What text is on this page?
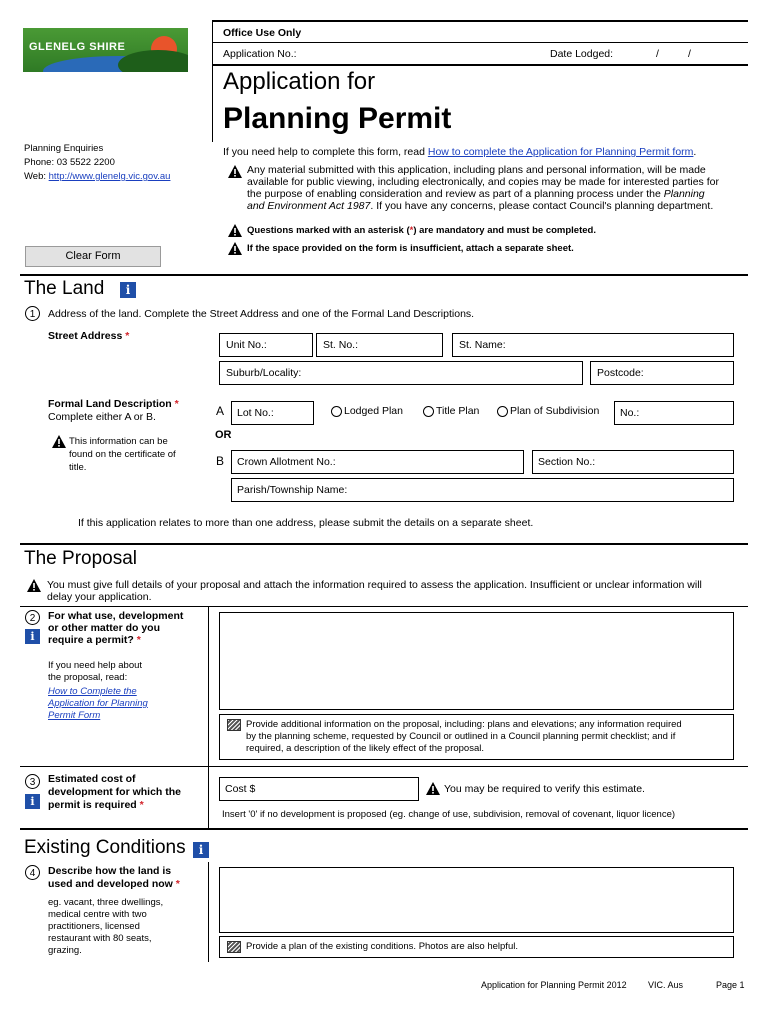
GLENELG SHIRE
Office Use Only
Application No.:	Date Lodged:	/	/
Application for
Planning Permit
Planning Enquiries
Phone: 03 5522 2200
Web: http://www.glenelg.vic.gov.au
If you need help to complete this form, read How to complete the Application for Planning Permit form.
Any material submitted with this application, including plans and personal information, will be made
available for public viewing, including electronically, and copies may be made for interested parties for
the purpose of enabling consideration and review as part of a planning process under the Planning
and Environment Act 1987. If you have any concerns, please contact Council's planning department.
Questions marked with an asterisk (*) are mandatory and must be completed.
If the space provided on the form is insufficient, attach a separate sheet.
Clear Form
The Land	i
1	Address of the land. Complete the Street Address and one of the Formal Land Descriptions.
Street Address *
Unit No.:	St. No.:	St. Name:
Suburb/Locality:	Postcode:
Formal Land Description *
Complete either A or B.
This information can be
found on the certificate of
title.
A Lot No.:	Lodged Plan	Title Plan	Plan of Subdivision No.:
OR
B Crown Allotment No.:	Section No.:
Parish/Township Name:
If this application relates to more than one address, please submit the details on a separate sheet.
The Proposal
You must give full details of your proposal and attach the information required to assess the application. Insufficient or unclear information will
delay your application.
2
i
For what use, development
or other matter do you
require a permit? *
If you need help about
the proposal, read:
How to Complete the
Application for Planning
Permit Form
Provide additional information on the proposal, including: plans and elevations; any information required
by the planning scheme, requested by Council or outlined in a Council planning permit checklist; and if
required, a description of the likely effect of the proposal.
3
i
Estimated cost of
development for which the
permit is required *
Cost $	You may be required to verify this estimate.
Insert '0' if no development is proposed (eg. change of use, subdivision, removal of covenant, liquor licence)
Existing Conditions	i
4	Describe how the land is
used and developed now *
eg. vacant, three dwellings,
medical centre with two
practitioners, licensed
restaurant with 80 seats,
grazing.	Provide a plan of the existing conditions. Photos are also helpful.
Application for Planning Permit 2012 VIC. Aus	Page 1
